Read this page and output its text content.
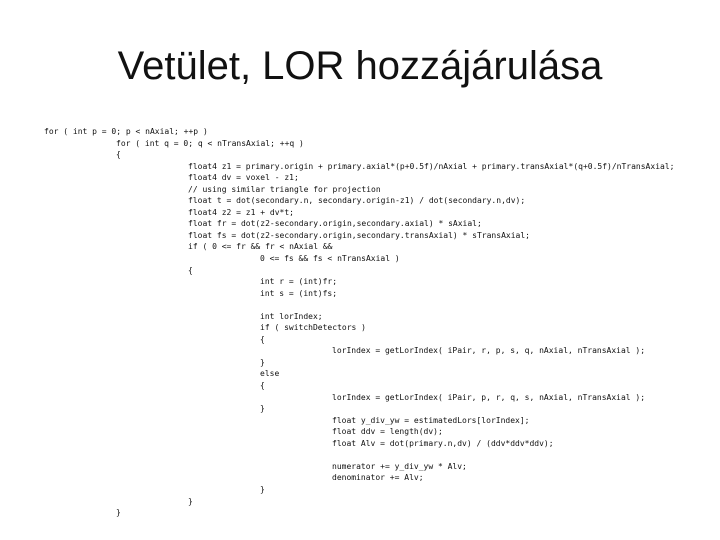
Vetület, LOR hozzájárulása
for ( int p = 0; p < nAxial; ++p )
for ( int q = 0; q < nTransAxial; ++q )
{
float4 z1 = primary.origin + primary.axial*(p+0.5f)/nAxial + primary.transAxial*(q+0.5f)/nTransAxial;
float4 dv = voxel - z1;
// using similar triangle for projection
float t = dot(secondary.n, secondary.origin-z1) / dot(secondary.n,dv);
float4 z2 = z1 + dv*t;
float fr = dot(z2-secondary.origin,secondary.axial) * sAxial;
float fs = dot(z2-secondary.origin,secondary.transAxial) * sTransAxial;
if ( 0 <= fr && fr < nAxial &&
0 <= fs && fs < nTransAxial )
{
int r = (int)fr;
int s = (int)fs;
int lorIndex;
if ( switchDetectors )
{
lorIndex = getLorIndex( iPair, r, p, s, q, nAxial, nTransAxial );
}
else
{
lorIndex = getLorIndex( iPair, p, r, q, s, nAxial, nTransAxial );
}
float y_div_yw = estimatedLors[lorIndex];
float ddv = length(dv);
float Alv = dot(primary.n,dv) / (ddv*ddv*ddv);
numerator += y_div_yw * Alv;
denominator += Alv;
}
}
}
